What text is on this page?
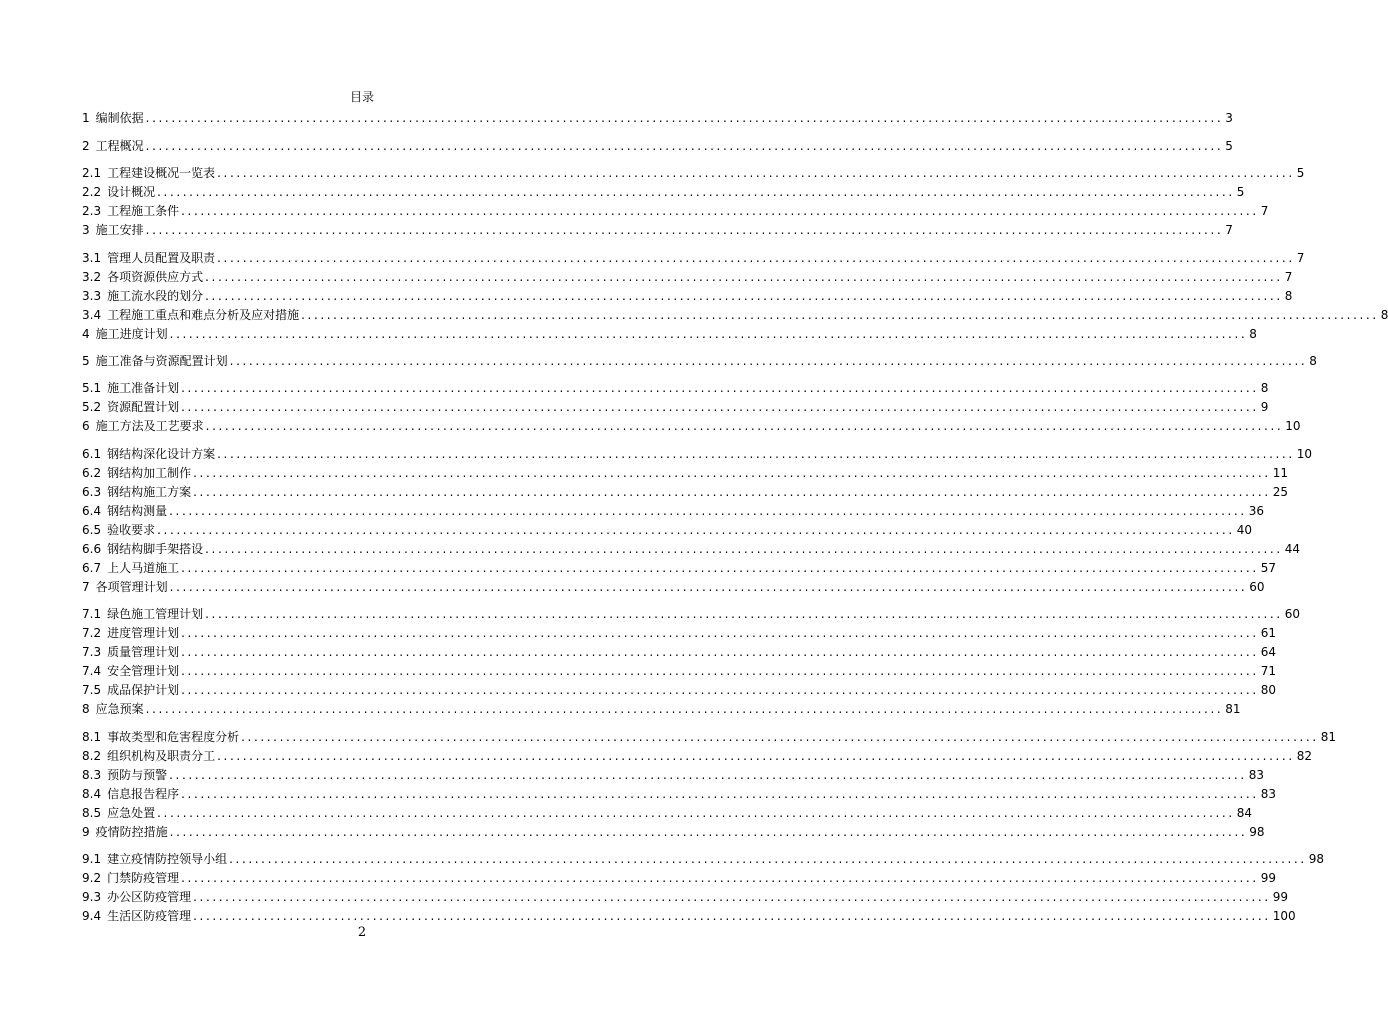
目录
1 编制依据 ........................................................................................................................................................................ 3
2 工程概况 ........................................................................................................................................................................ 5
2.1 工程建设概况一览表 ........................................................................................................................................................................ 5
2.2 设计概况 ........................................................................................................................................................................ 5
2.3 工程施工条件 ........................................................................................................................................................................ 7
3 施工安排 ........................................................................................................................................................................ 7
3.1 管理人员配置及职责 ........................................................................................................................................................................ 7
3.2 各项资源供应方式 ........................................................................................................................................................................ 7
3.3 施工流水段的划分 ........................................................................................................................................................................ 8
3.4 工程施工重点和难点分析及应对措施 ........................................................................................................................................................................ 8
4 施工进度计划 ........................................................................................................................................................................ 8
5 施工准备与资源配置计划 ........................................................................................................................................................................ 8
5.1 施工准备计划 ........................................................................................................................................................................ 8
5.2 资源配置计划 ........................................................................................................................................................................ 9
6 施工方法及工艺要求 ........................................................................................................................................................................ 10
6.1 钢结构深化设计方案 ........................................................................................................................................................................ 10
6.2 钢结构加工制作 ........................................................................................................................................................................ 11
6.3 钢结构施工方案 ........................................................................................................................................................................ 25
6.4 钢结构测量 ........................................................................................................................................................................ 36
6.5 验收要求 ........................................................................................................................................................................ 40
6.6 钢结构脚手架搭设 ........................................................................................................................................................................ 44
6.7 上人马道施工 ........................................................................................................................................................................ 57
7 各项管理计划 ........................................................................................................................................................................ 60
7.1 绿色施工管理计划 ........................................................................................................................................................................ 60
7.2 进度管理计划 ........................................................................................................................................................................ 61
7.3 质量管理计划 ........................................................................................................................................................................ 64
7.4 安全管理计划 ........................................................................................................................................................................ 71
7.5 成品保护计划 ........................................................................................................................................................................ 80
8 应急预案 ........................................................................................................................................................................ 81
8.1 事故类型和危害程度分析 ........................................................................................................................................................................ 81
8.2 组织机构及职责分工 ........................................................................................................................................................................ 82
8.3 预防与预警 ........................................................................................................................................................................ 83
8.4 信息报告程序 ........................................................................................................................................................................ 83
8.5 应急处置 ........................................................................................................................................................................ 84
9 疫情防控措施 ........................................................................................................................................................................ 98
9.1 建立疫情防控领导小组 ........................................................................................................................................................................ 98
9.2 门禁防疫管理 ........................................................................................................................................................................ 99
9.3 办公区防疫管理 ........................................................................................................................................................................ 99
9.4 生活区防疫管理 ........................................................................................................................................................................ 100
2
